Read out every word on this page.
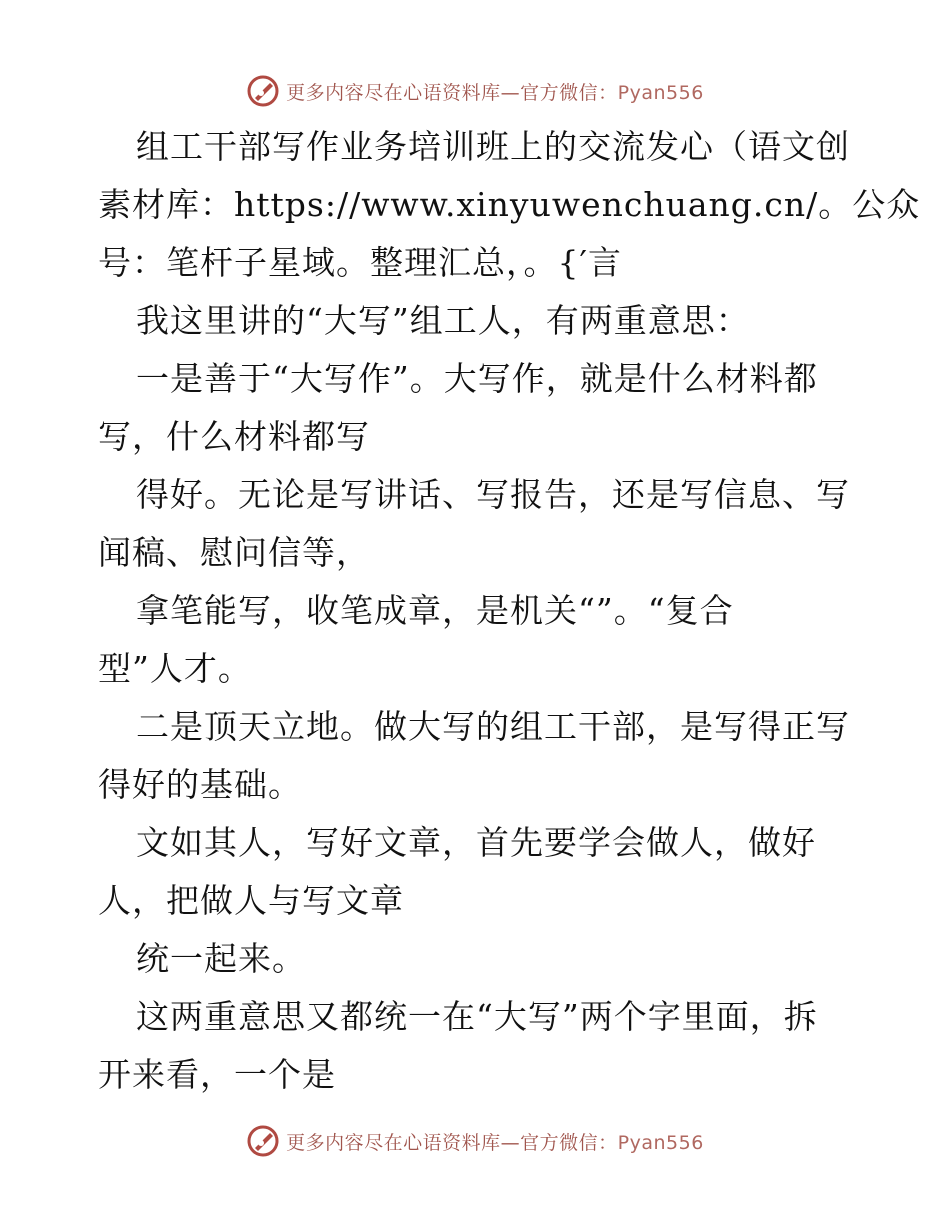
更多内容尽在心语资料库—官方微信：Pyan556
组工干部写作业务培训班上的交流发心（语文创
素材库：https://www.xinyuwenchuang.cn/。公众
号：笔杆子星域。整理汇总，。{′言
我这里讲的“大写”组工人，有两重意思：
一是善于“大写作”。大写作，就是什么材料都
写，什么材料都写
得好。无论是写讲话、写报告，还是写信息、写
闻稿、慰问信等，
拿笔能写，收笔成章，是机关“”。“复合
型”人才。
二是顶天立地。做大写的组工干部，是写得正写
得好的基础。
文如其人，写好文章，首先要学会做人，做好
人，把做人与写文章
统一起来。
这两重意思又都统一在“大写”两个字里面，拆
开来看，一个是
更多内容尽在心语资料库—官方微信：Pyan556
